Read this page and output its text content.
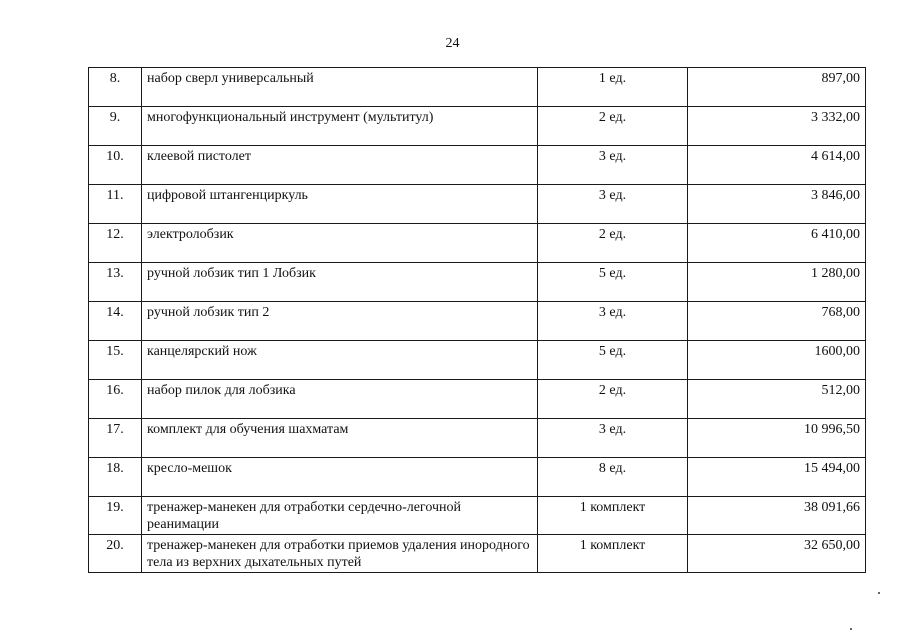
24
8.	набор сверл универсальный	1 ед.	897,00
9.	многофункциональный инструмент (мультитул)	2 ед.	3 332,00
10.	клеевой пистолет	3 ед.	4 614,00
11.	цифровой штангенциркуль	3 ед.	3 846,00
12.	электролобзик	2 ед.	6 410,00
13.	ручной лобзик тип 1 Лобзик	5 ед.	1 280,00
14.	ручной лобзик тип 2	3 ед.	768,00
15.	канцелярский нож	5 ед.	1600,00
16.	набор пилок для лобзика	2 ед.	512,00
17.	комплект для обучения шахматам	3 ед.	10 996,50
18.	кресло-мешок	8 ед.	15 494,00
19.	тренажер-манекен для отработки сердечно-легочной реанимации	1 комплект	38 091,66
20.	тренажер-манекен для отработки приемов удаления инородного тела из верхних дыхательных путей	1 комплект	32 650,00
